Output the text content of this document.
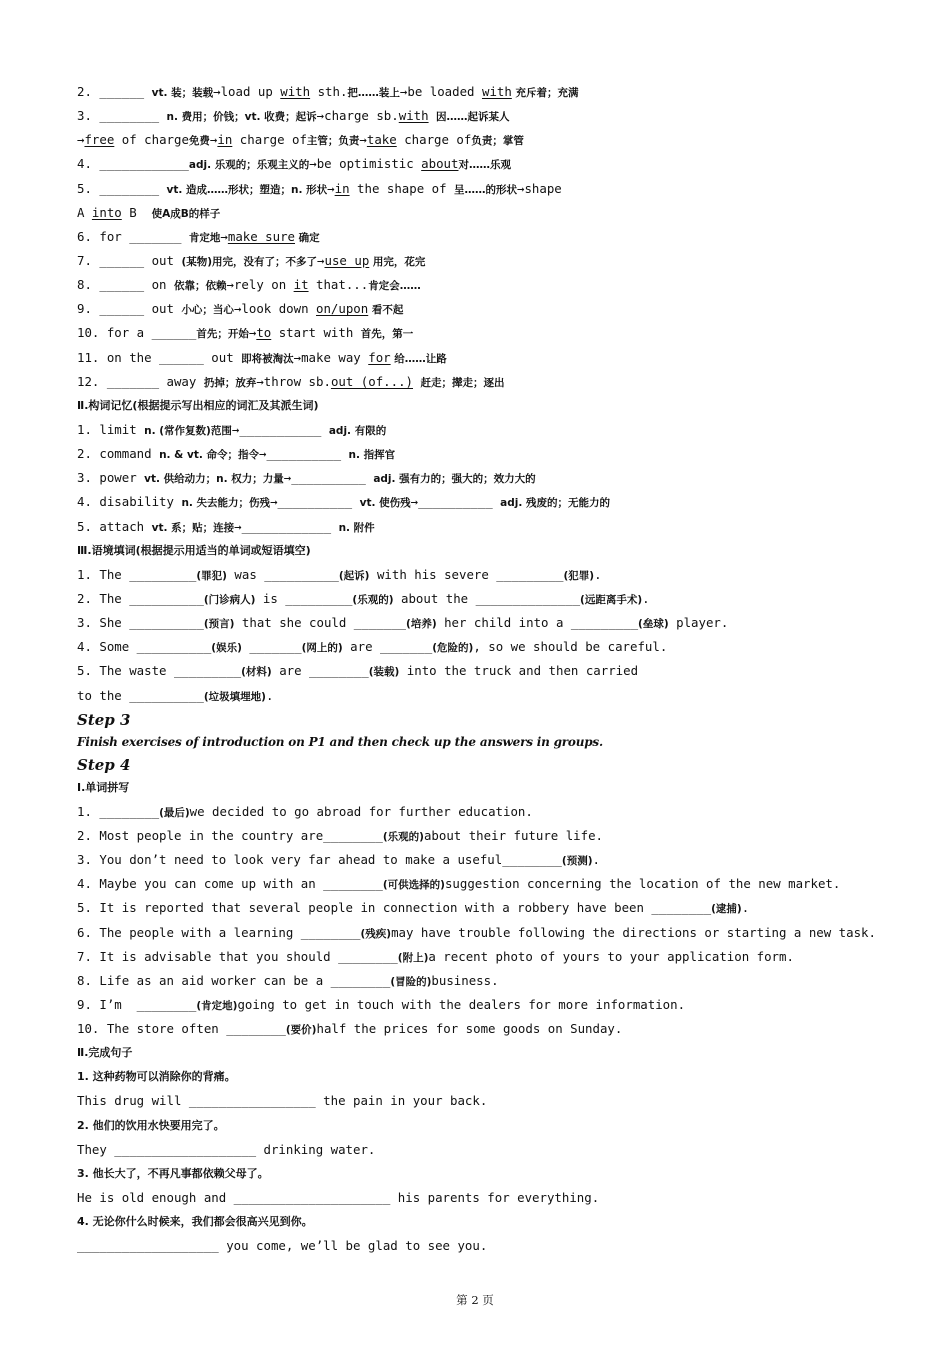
2. ______ vt. 装；装载→load up with sth.把……装上→be loaded with 充斥着；充满
3. ________ n. 费用；价钱；vt. 收费；起诉→charge sb.with 因……起诉某人
→free of charge免费→in charge of主管；负责→take charge of负责；掌管
4. ____________adj. 乐观的；乐观主义的→be optimistic about对……乐观
5. ________ vt. 造成……形状；塑造；n. 形状→in the shape of 呈……的形状→shape
A into B  使A成B的样子
6. for _______ 肯定地→make sure 确定
7. ______ out (某物)用完，没有了；不多了→use up 用完，花完
8. ______ on 依靠；依赖→rely on it that...肯定会……
9. ______ out 小心；当心→look down on/upon 看不起
10. for a ______首先；开始→to start with 首先，第一
11. on the ______ out 即将被淘汰→make way for 给……让路
12. _______ away 扔掉；放弃→throw sb.out (of...) 赶走；撵走；逐出
Ⅱ.构词记忆(根据提示写出相应的词汇及其派生词)
1. limit n. (常作复数)范围→___________ adj. 有限的
2. command n. & vt. 命令；指令→__________ n. 指挥官
3. power vt. 供给动力；n. 权力；力量→__________ adj. 强有力的；强大的；效力大的
4. disability n. 失去能力；伤残→__________ vt. 使伤残→__________ adj. 残废的；无能力的
5. attach vt. 系；贴；连接→____________ n. 附件
Ⅲ.语境填词(根据提示用适当的单词或短语填空)
1. The _________(罪犯) was __________(起诉) with his severe _________(犯罪).
2. The __________(门诊病人) is _________(乐观的) about the ______________(远距离手术).
3. She __________(预言) that she could _______(培养) her child into a _________(垒球) player.
4. Some __________(娱乐) _______(网上的) are _______(危险的), so we should be careful.
5. The waste _________(材料) are ________(装载) into the truck and then carried
to the __________(垃圾填埋地).
Step 3
Finish exercises of introduction on P1 and then check up the answers in groups.
Step 4
Ⅰ.单词拼写
1. ________(最后)we decided to go abroad for further education.
2. Most people in the country are________(乐观的)about their future life.
3. You don’t need to look very far ahead to make a useful________(预测).
4. Maybe you can come up with an ________(可供选择的)suggestion concerning the location of the new market.
5. It is reported that several people in connection with a robbery have been ________(逮捕).
6. The people with a learning ________(残疾)may have trouble following the directions or starting a new task.
7. It is advisable that you should ________(附上)a recent photo of yours to your application form.
8. Life as an aid worker can be a ________(冒险的)business.
9. I’m  ________(肯定地)going to get in touch with the dealers for more information.
10. The store often ________(要价)half the prices for some goods on Sunday.
Ⅱ.完成句子
1. 这种药物可以消除你的背痛。
This drug will _________________ the pain in your back.
2. 他们的饮用水快要用完了。
They ___________________ drinking water.
3. 他长大了，不再凡事都依赖父母了。
He is old enough and _____________________ his parents for everything.
4. 无论你什么时候来，我们都会很高兴见到你。
___________________ you come, we’ll be glad to see you.
第 2 页
